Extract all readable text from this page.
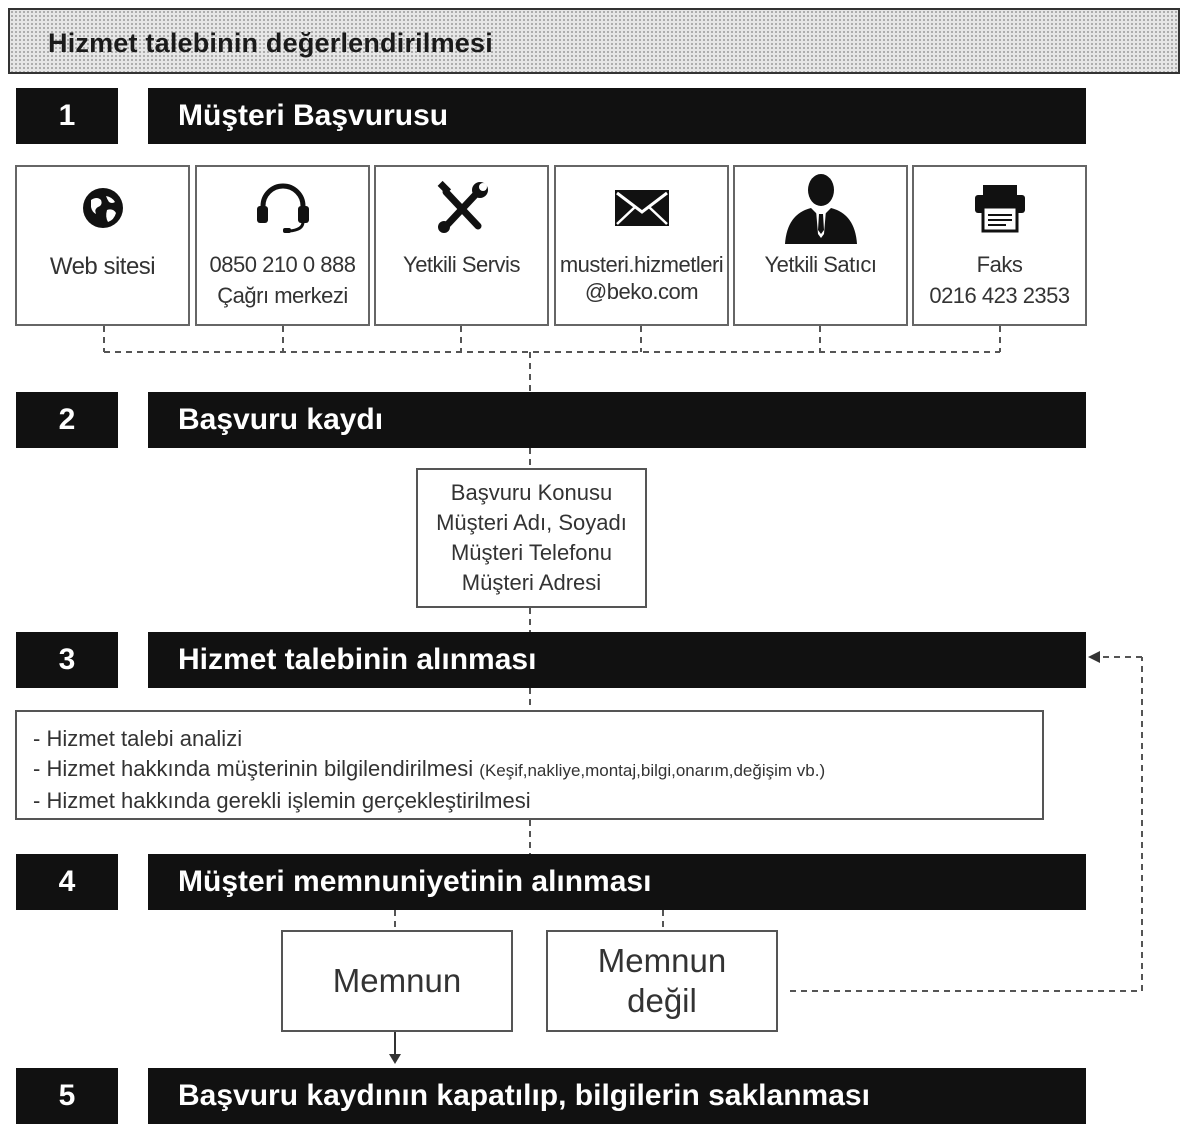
Hizmet talebinin değerlendirilmesi
1	Müşteri Başvurusu
Web sitesi	0850 210 0 888
Çağrı merkezi
Yetkili Servis	musteri.hizmetleri
@beko.com
Yetkili Satıcı	Faks
0216 423 2353
2	Başvuru kaydı
Başvuru Konusu
Müşteri Adı, Soyadı
Müşteri Telefonu
Müşteri Adresi
3	Hizmet talebinin alınması
- Hizmet talebi analizi
- Hizmet hakkında müşterinin bilgilendirilmesi (Keşif,nakliye,montaj,bilgi,onarım,değişim vb.)
- Hizmet hakkında gerekli işlemin gerçekleştirilmesi
4	Müşteri memnuniyetinin alınması
Memnun
Memnun
değil
5	Başvuru kaydının kapatılıp, bilgilerin saklanması
